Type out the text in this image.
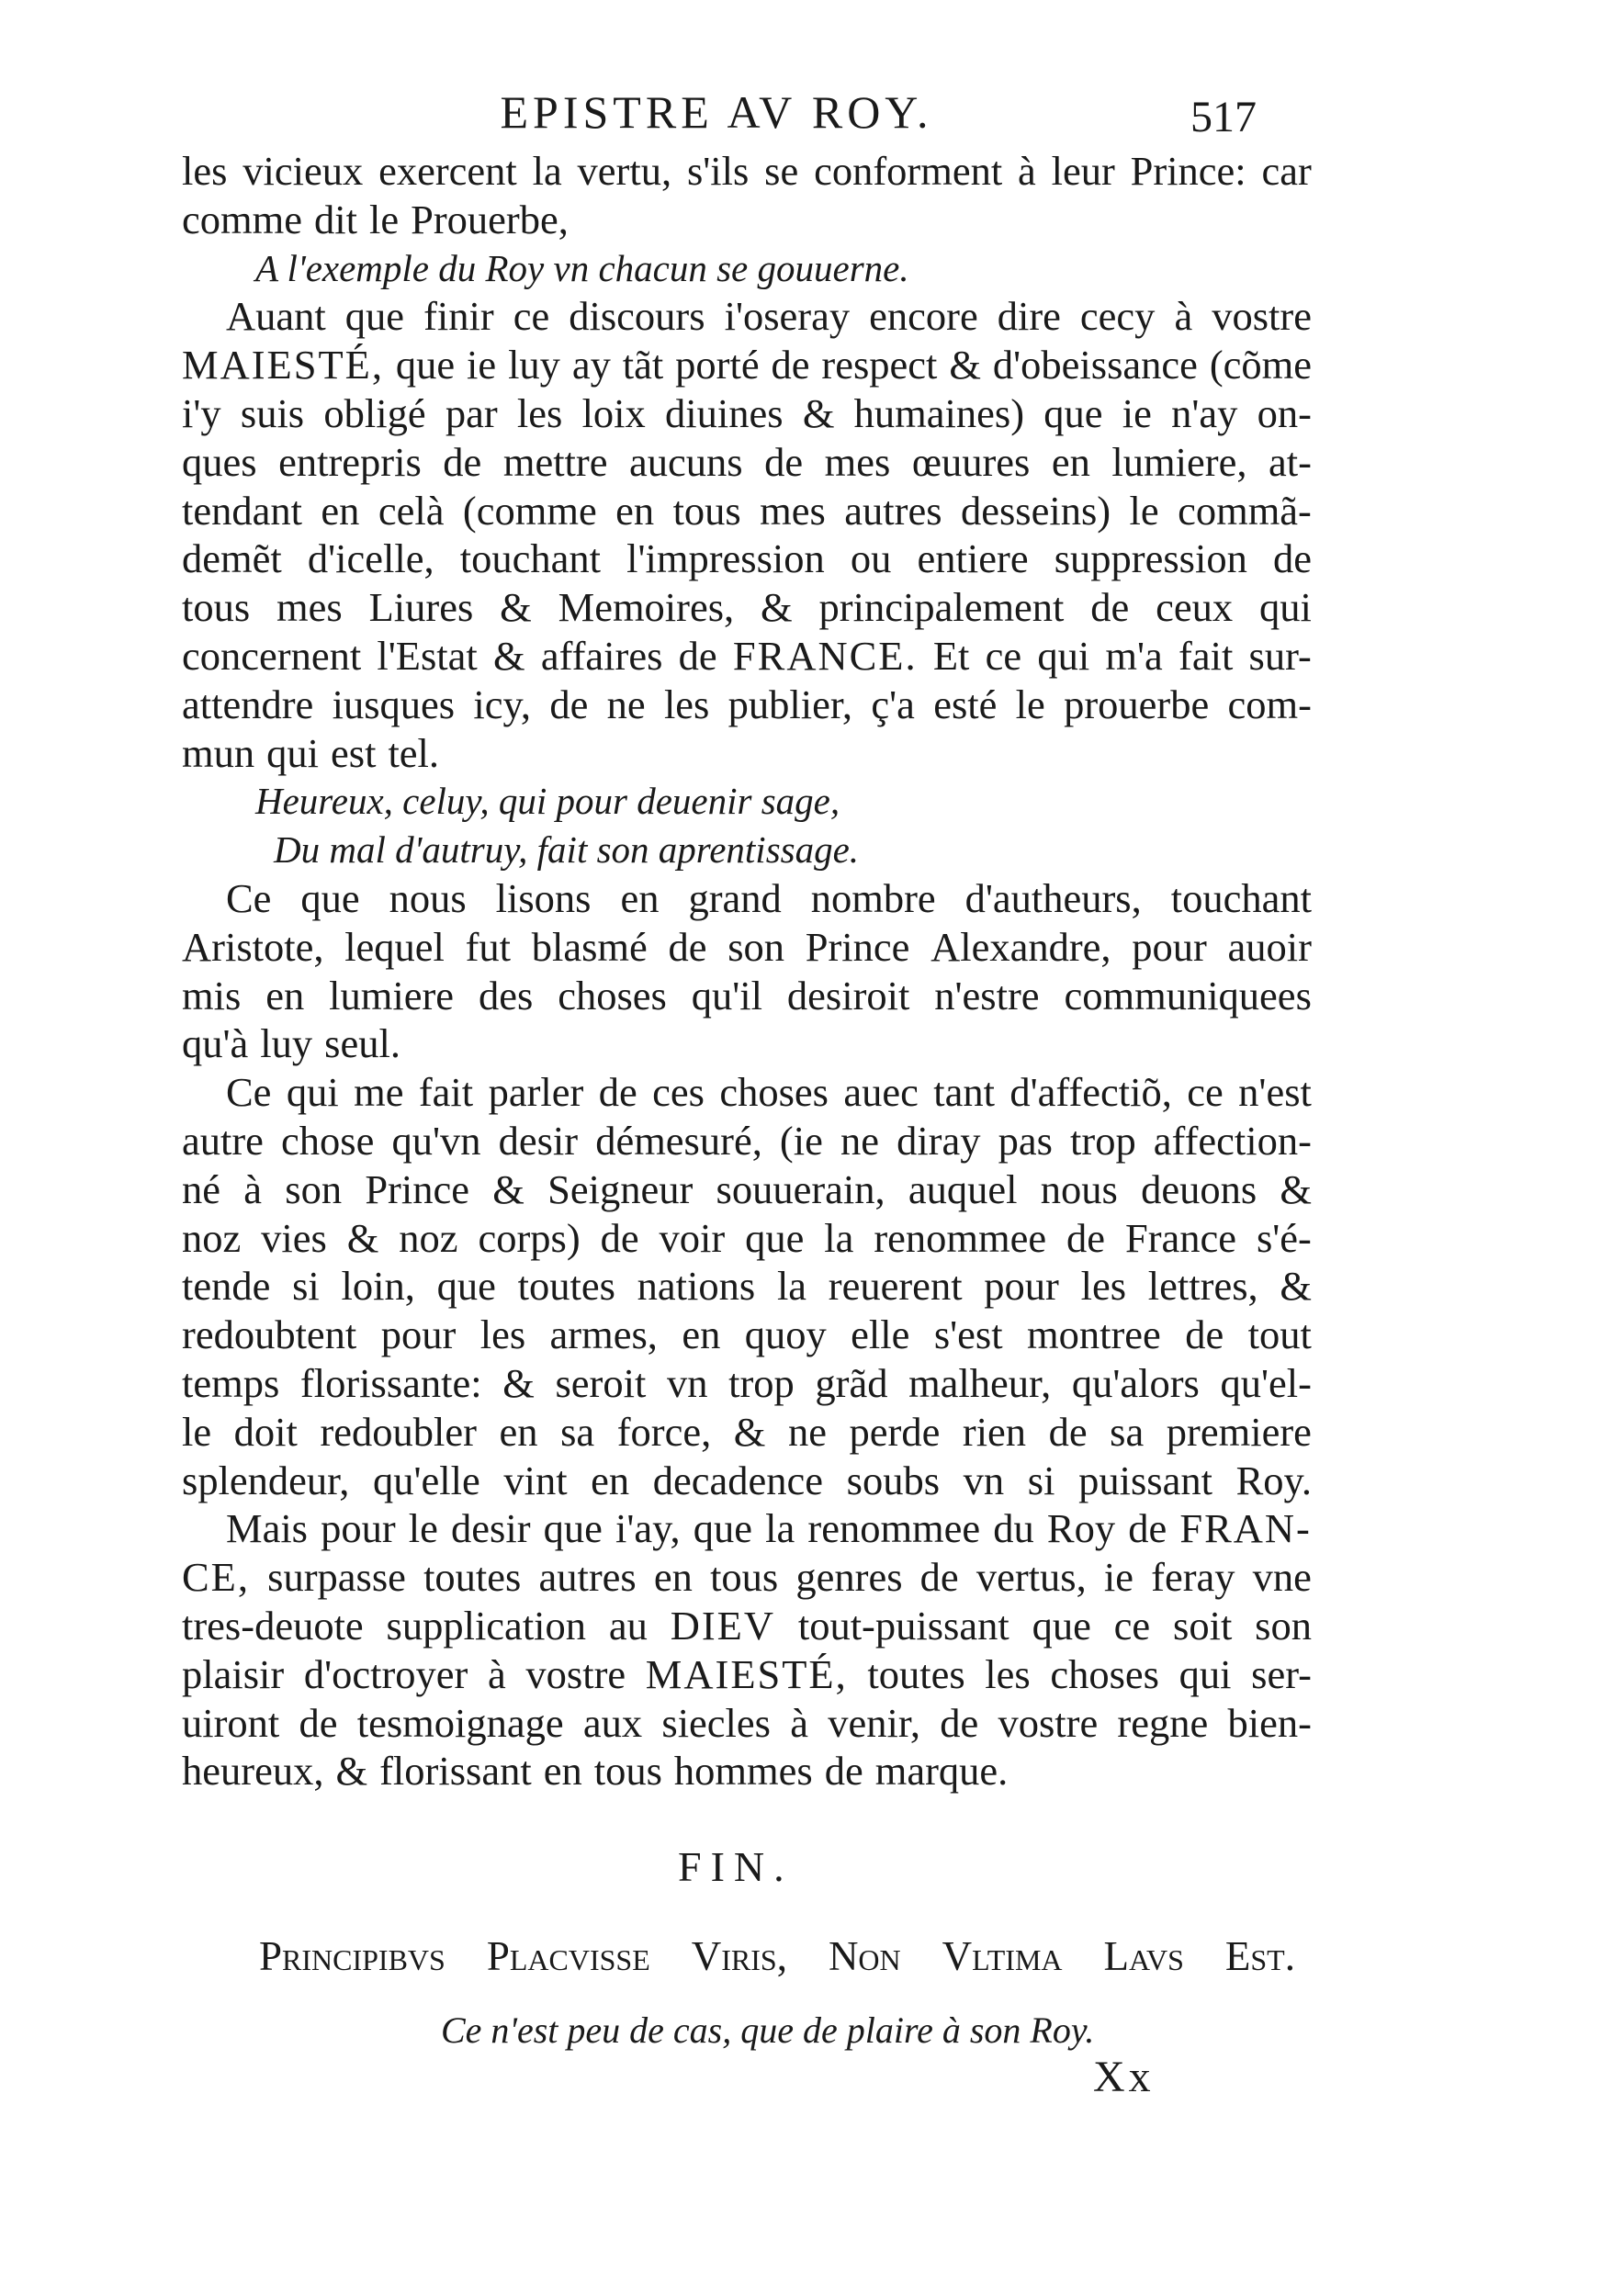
EPISTRE AV ROY.	517
les vicieux exercent la vertu, s'ils se conforment à leur Prince: car
comme dit le Prouerbe,
A l'exemple du Roy vn chacun se gouuerne.
Auant que finir ce discours i'oseray encore dire cecy à vostre
MAIESTÉ, que ie luy ay tãt porté de respect & d'obeissance (cõme
i'y suis obligé par les loix diuines & humaines) que ie n'ay on-
ques entrepris de mettre aucuns de mes œuures en lumiere, at-
tendant en celà (comme en tous mes autres desseins) le commã-
demẽt d'icelle, touchant l'impression ou entiere suppression de
tous mes Liures & Memoires, & principalement de ceux qui
concernent l'Estat & affaires de FRANCE. Et ce qui m'a fait sur-
attendre iusques icy, de ne les publier, ç'a esté le prouerbe com-
mun qui est tel.
Heureux, celuy, qui pour deuenir sage,
Du mal d'autruy, fait son aprentissage.
Ce que nous lisons en grand nombre d'autheurs, touchant
Aristote, lequel fut blasmé de son Prince Alexandre, pour auoir
mis en lumiere des choses qu'il desiroit n'estre communiquees
qu'à luy seul.
Ce qui me fait parler de ces choses auec tant d'affectiõ, ce n'est
autre chose qu'vn desir démesuré, (ie ne diray pas trop affection-
né à son Prince & Seigneur souuerain, auquel nous deuons &
noz vies & noz corps) de voir que la renommee de France s'é-
tende si loin, que toutes nations la reuerent pour les lettres, &
redoubtent pour les armes, en quoy elle s'est montree de tout
temps florissante: & seroit vn trop grãd malheur, qu'alors qu'el-
le doit redoubler en sa force, & ne perde rien de sa premiere
splendeur, qu'elle vint en decadence soubs vn si puissant Roy.
Mais pour le desir que i'ay, que la renommee du Roy de FRAN-
CE, surpasse toutes autres en tous genres de vertus, ie feray vne
tres-deuote supplication au DIEV tout-puissant que ce soit son
plaisir d'octroyer à vostre MAIESTÉ, toutes les choses qui ser-
uiront de tesmoignage aux siecles à venir, de vostre regne bien-
heureux, & florissant en tous hommes de marque.
FIN.
Principibvs Placvisse Viris, Non Vltima Lavs Est.
Ce n'est peu de cas, que de plaire à son Roy.
Xx
